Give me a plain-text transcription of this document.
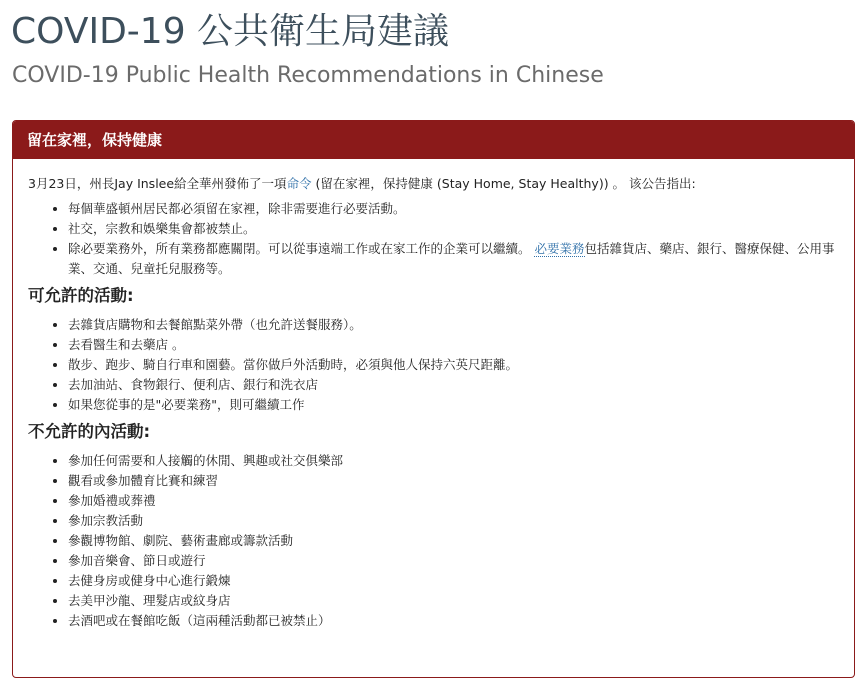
COVID-19 公共衛生局建議
COVID-19 Public Health Recommendations in Chinese
留在家裡，保持健康

3月23日，州長Jay Inslee給全華州發佈了一項命令 (留在家裡，保持健康 (Stay Home, Stay Healthy)) 。 该公告指出:

• 每個華盛頓州居民都必須留在家裡，除非需要進行必要活動。
• 社交，宗教和娛樂集會都被禁止。
• 除必要業務外，所有業務都應關閉。可以從事遠端工作或在家工作的企業可以繼續。 必要業務包括雜貨店、藥店、銀行、醫療保健、公用事業、交通、兒童托兒服務等。
可允許的活動:
• 去雜貨店購物和去餐館點菜外帶（也允許送餐服務）。
• 去看醫生和去藥店 。
• 散步、跑步、騎自行車和園藝。當你做戶外活動時，必須與他人保持六英尺距離。
• 去加油站、食物銀行、便利店、銀行和洗衣店
• 如果您從事的是"必要業務"，則可繼續工作
不允許的內活動:
• 參加任何需要和人接觸的休閒、興趣或社交俱樂部
• 觀看或參加體育比賽和練習
• 參加婚禮或葬禮
• 參加宗教活動
• 參觀博物館、劇院、藝術畫廊或籌款活動
• 參加音樂會、節日或遊行
• 去健身房或健身中心進行鍛煉
• 去美甲沙龍、理髮店或紋身店
• 去酒吧或在餐館吃飯（這兩種活動都已被禁止）
